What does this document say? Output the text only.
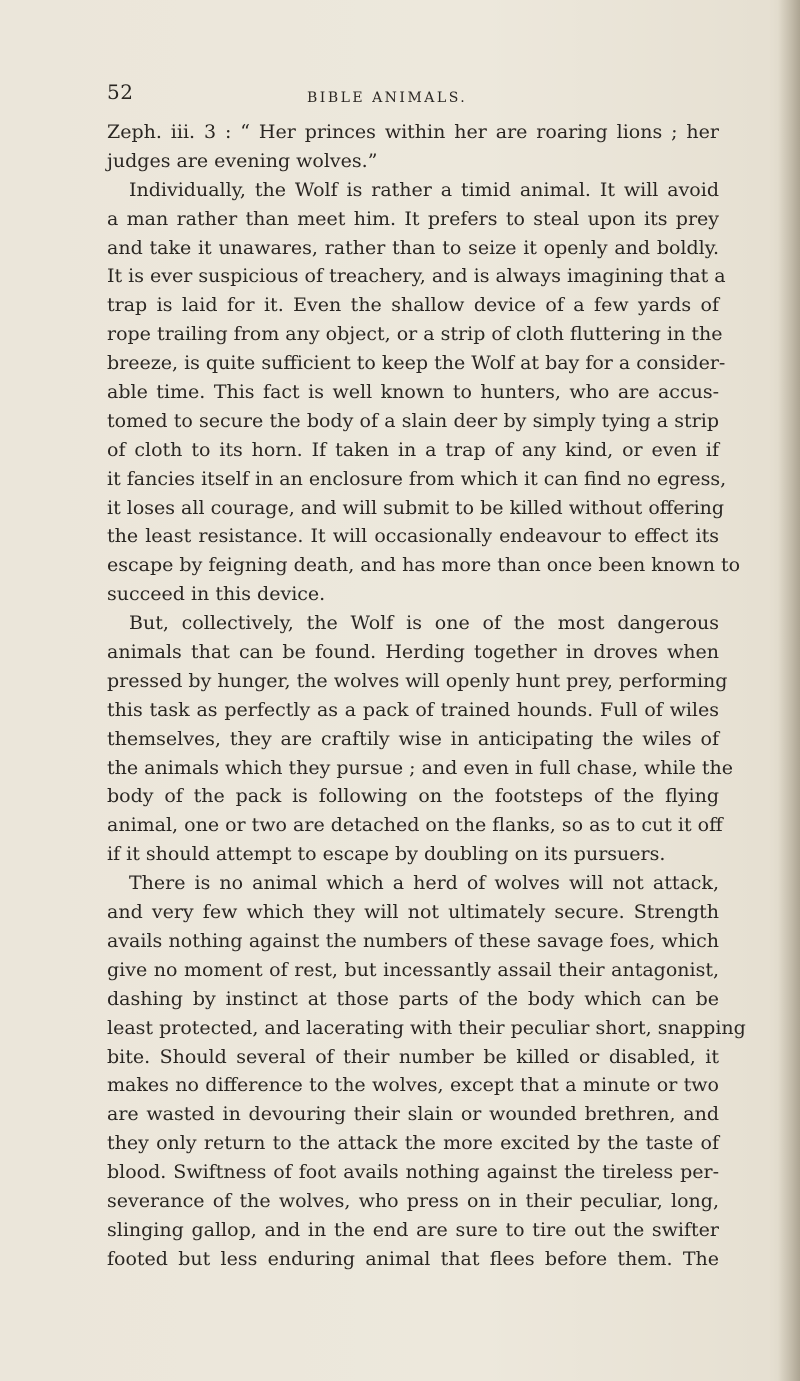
52	BIBLE ANIMALS.
Zeph. iii. 3 : “ Her princes within her are roaring lions ; her
judges are evening wolves.”
Individually, the Wolf is rather a timid animal. It will avoid
a man rather than meet him. It prefers to steal upon its prey
and take it unawares, rather than to seize it openly and boldly.
It is ever suspicious of treachery, and is always imagining that a
trap is laid for it. Even the shallow device of a few yards of
rope trailing from any object, or a strip of cloth fluttering in the
breeze, is quite sufficient to keep the Wolf at bay for a consider-
able time. This fact is well known to hunters, who are accus-
tomed to secure the body of a slain deer by simply tying a strip
of cloth to its horn. If taken in a trap of any kind, or even if
it fancies itself in an enclosure from which it can find no egress,
it loses all courage, and will submit to be killed without offering
the least resistance. It will occasionally endeavour to effect its
escape by feigning death, and has more than once been known to
succeed in this device.
But, collectively, the Wolf is one of the most dangerous
animals that can be found. Herding together in droves when
pressed by hunger, the wolves will openly hunt prey, performing
this task as perfectly as a pack of trained hounds. Full of wiles
themselves, they are craftily wise in anticipating the wiles of
the animals which they pursue ; and even in full chase, while the
body of the pack is following on the footsteps of the flying
animal, one or two are detached on the flanks, so as to cut it off
if it should attempt to escape by doubling on its pursuers.
There is no animal which a herd of wolves will not attack,
and very few which they will not ultimately secure. Strength
avails nothing against the numbers of these savage foes, which
give no moment of rest, but incessantly assail their antagonist,
dashing by instinct at those parts of the body which can be
least protected, and lacerating with their peculiar short, snapping
bite. Should several of their number be killed or disabled, it
makes no difference to the wolves, except that a minute or two
are wasted in devouring their slain or wounded brethren, and
they only return to the attack the more excited by the taste of
blood. Swiftness of foot avails nothing against the tireless per-
severance of the wolves, who press on in their peculiar, long,
slinging gallop, and in the end are sure to tire out the swifter
footed but less enduring animal that flees before them. The
